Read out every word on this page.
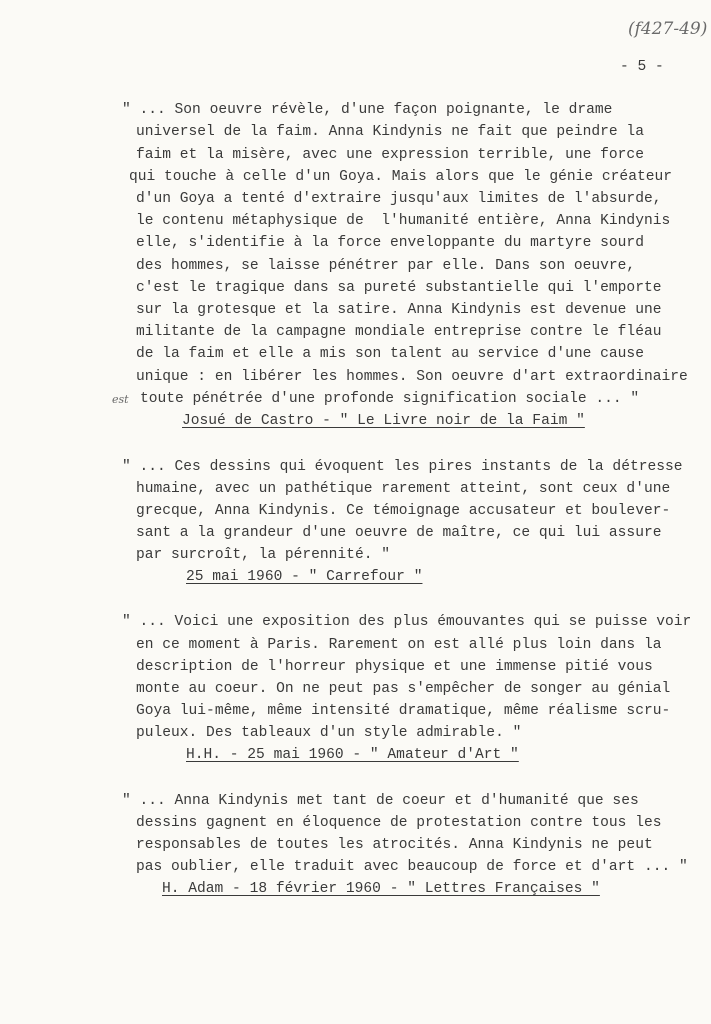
(f427-49)
- 5 -
est
" ... Son oeuvre révèle, d'une façon poignante, le drame
universel de la faim. Anna Kindynis ne fait que peindre la
faim et la misère, avec une expression terrible, une force
qui touche à celle d'un Goya. Mais alors que le génie créateur
d'un Goya a tenté d'extraire jusqu'aux limites de l'absurde,
le contenu métaphysique de  l'humanité entière, Anna Kindynis
elle, s'identifie à la force enveloppante du martyre sourd
des hommes, se laisse pénétrer par elle. Dans son oeuvre,
c'est le tragique dans sa pureté substantielle qui l'emporte
sur la grotesque et la satire. Anna Kindynis est devenue une
militante de la campagne mondiale entreprise contre le fléau
de la faim et elle a mis son talent au service d'une cause
unique : en libérer les hommes. Son oeuvre d'art extraordinaire
toute pénétrée d'une profonde signification sociale ... "
Josué de Castro - " Le Livre noir de la Faim "
" ... Ces dessins qui évoquent les pires instants de la détresse
humaine, avec un pathétique rarement atteint, sont ceux d'une
grecque, Anna Kindynis. Ce témoignage accusateur et boulever-
sant a la grandeur d'une oeuvre de maître, ce qui lui assure
par surcroît, la pérennité. "
25 mai 1960 - " Carrefour "
" ... Voici une exposition des plus émouvantes qui se puisse voir
en ce moment à Paris. Rarement on est allé plus loin dans la
description de l'horreur physique et une immense pitié vous
monte au coeur. On ne peut pas s'empêcher de songer au génial
Goya lui-même, même intensité dramatique, même réalisme scru-
puleux. Des tableaux d'un style admirable. "
H.H. - 25 mai 1960 - " Amateur d'Art "
" ... Anna Kindynis met tant de coeur et d'humanité que ses
dessins gagnent en éloquence de protestation contre tous les
responsables de toutes les atrocités. Anna Kindynis ne peut
pas oublier, elle traduit avec beaucoup de force et d'art ... "
H. Adam - 18 février 1960 - " Lettres Françaises "
